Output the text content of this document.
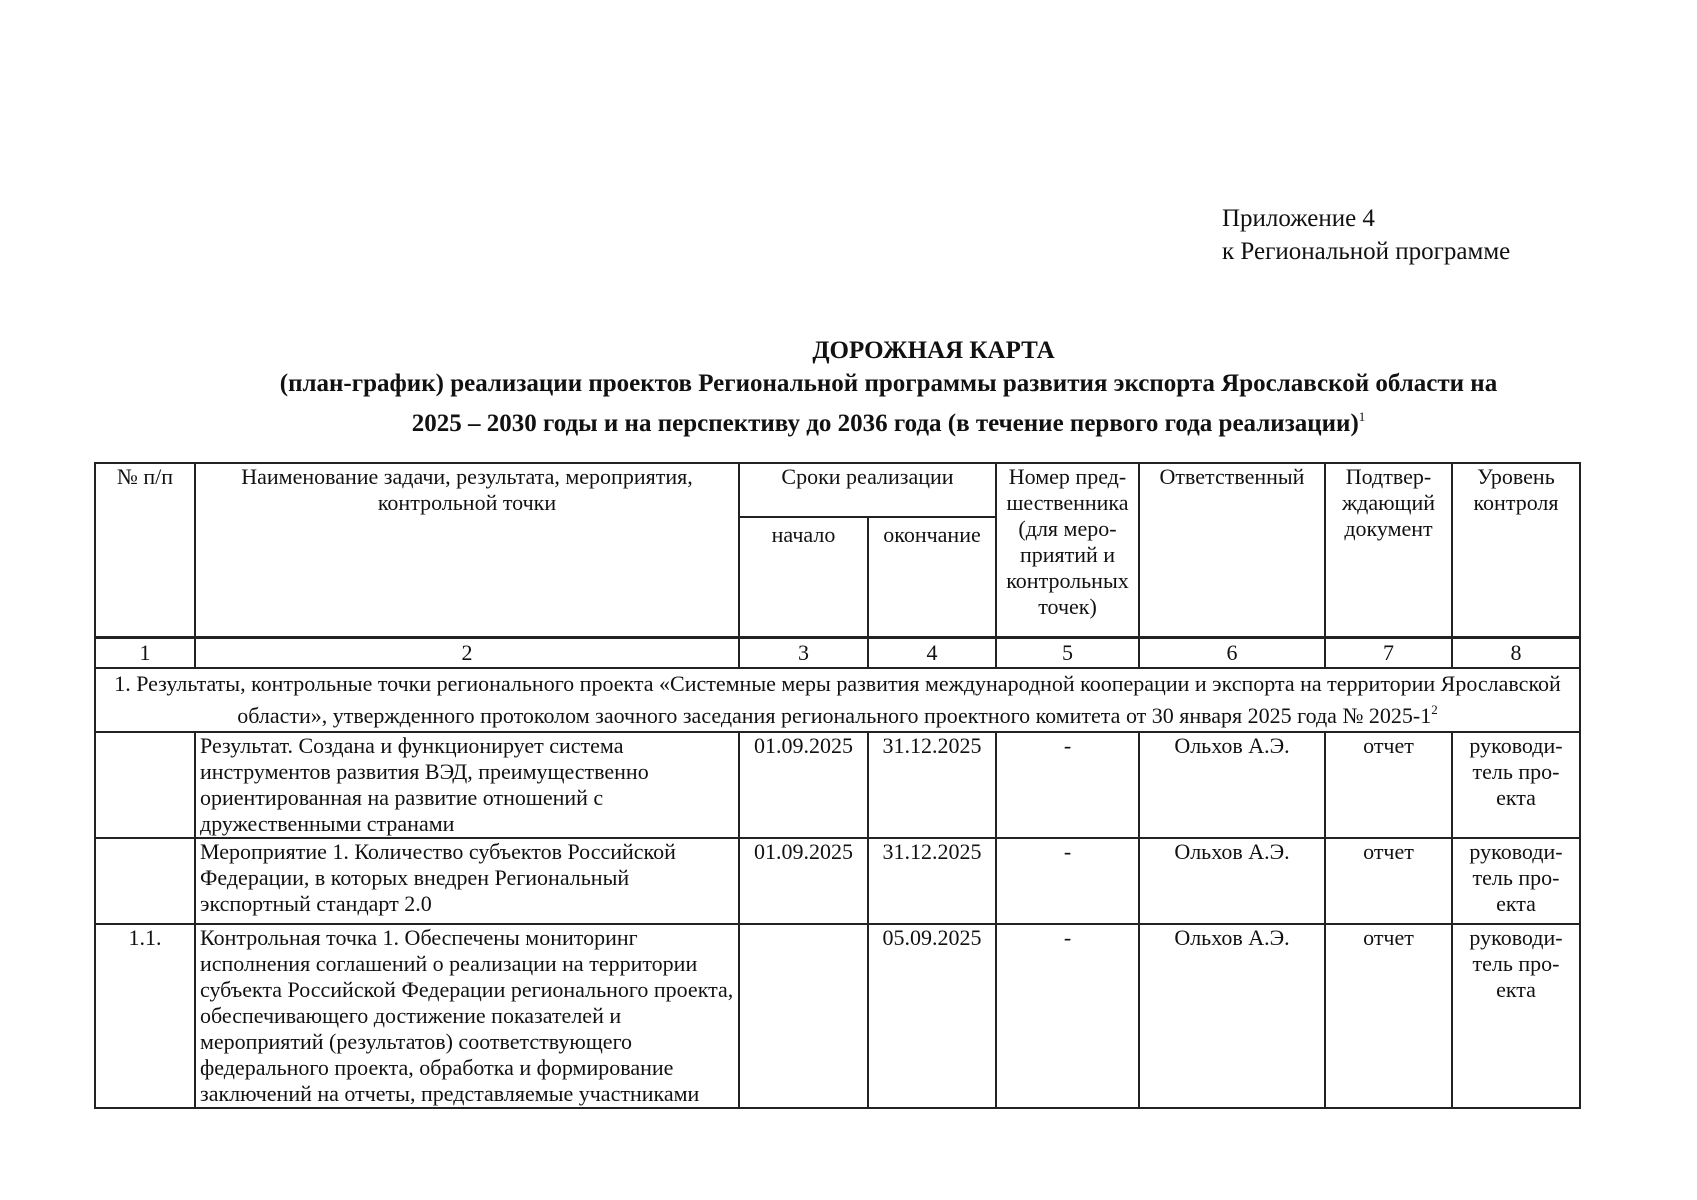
Приложение 4
к Региональной программе
ДОРОЖНАЯ КАРТА
(план-график) реализации проектов Региональной программы развития экспорта Ярославской области на
2025 – 2030 годы и на перспективу до 2036 года (в течение первого года реализации)$^1$
№ п/п	Наименование задачи, результата, мероприятия, контрольной точки	Сроки реализации		Номер пред-шественника (для меро-приятий и контрольных точек)	Ответственный	Подтвер-ждающий документ	Уровень контроля
		начало	окончание				
1	2	3	4	5	6	7	8
1. Результаты, контрольные точки регионального проекта «Системные меры развития международной кооперации и экспорта на территории Ярославской области», утвержденного протоколом заочного заседания регионального проектного комитета от 30 января 2025 года № $2025-1^2$
	Результат. Создана и функционирует система инструментов развития ВЭД, преимущественно ориентированная на развитие отношений с дружественными странами	01.09.2025	31.12.2025	-	Ольхов А.Э.	отчет	руководи-тель про-екта
	Мероприятие 1. Количество субъектов Российской Федерации, в которых внедрен Региональный экспортный стандарт 2.0	01.09.2025	31.12.2025	-	Ольхов А.Э.	отчет	руководи-тель про-екта
1.1.	Контрольная точка 1. Обеспечены мониторинг исполнения соглашений о реализации на территории субъекта Российской Федерации регионального проекта, обеспечивающего достижение показателей и мероприятий (результатов) соответствующего федерального проекта, обработка и формирование заключений на отчеты, представляемые участниками		05.09.2025	-	Ольхов А.Э.	отчет	руководи-тель про-екта
